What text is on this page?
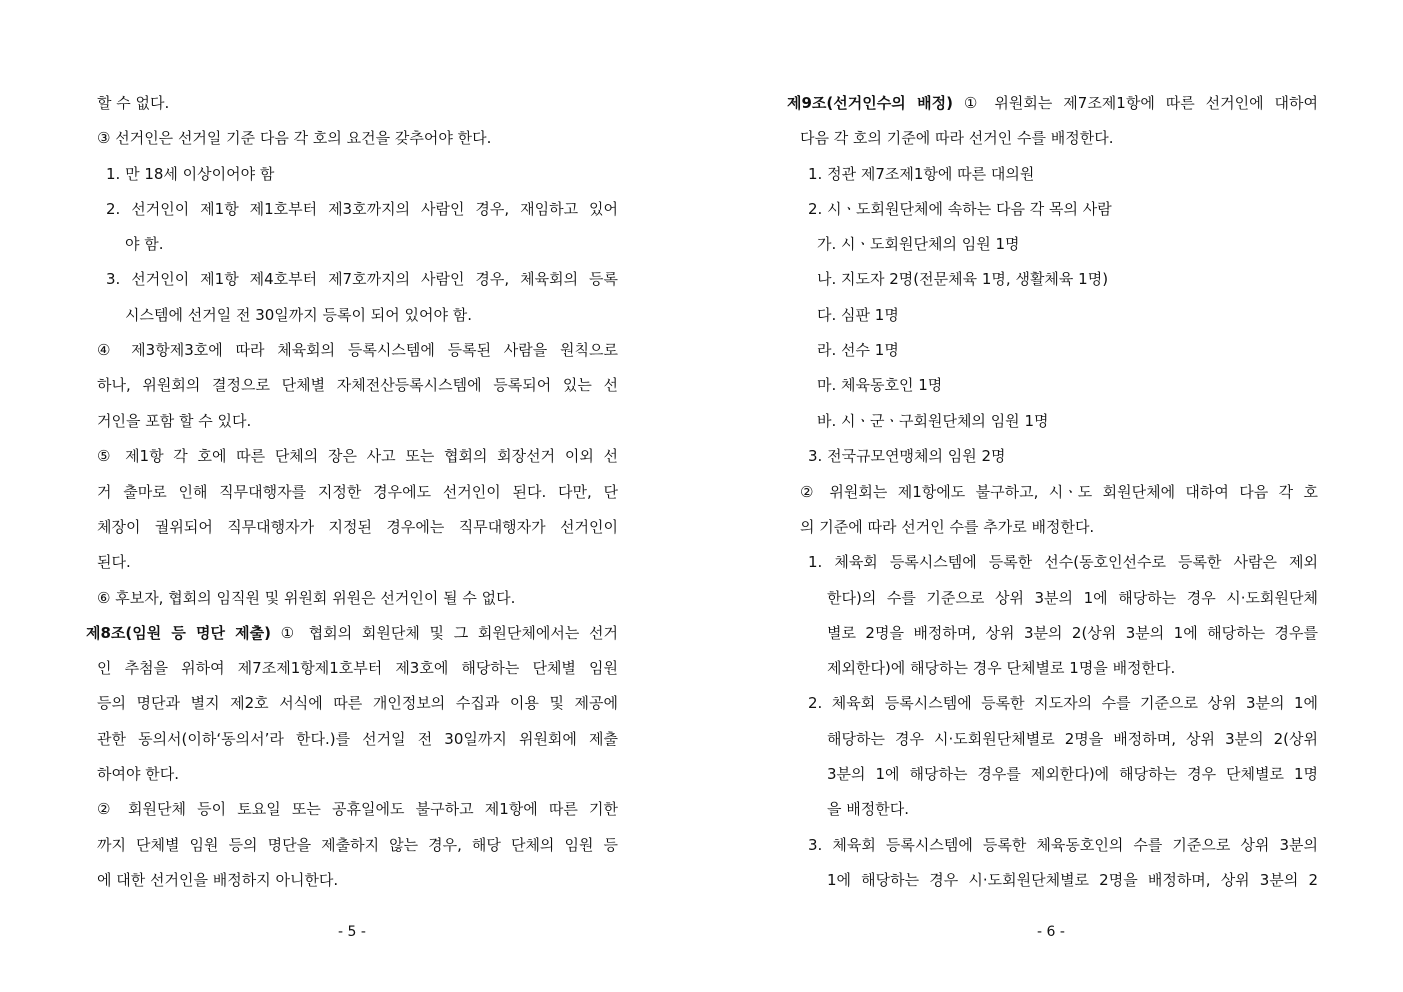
할 수 없다.

③ 선거인은 선거일 기준 다음 각 호의 요건을 갖추어야 한다.

1. 만 18세 이상이어야 함

2. 선거인이 제1항 제1호부터 제3호까지의 사람인 경우, 재임하고 있어

야 함.

3. 선거인이 제1항 제4호부터 제7호까지의 사람인 경우, 체육회의 등록

시스템에 선거일 전 30일까지 등록이 되어 있어야 함.

④ 제3항제3호에 따라 체육회의 등록시스템에 등록된 사람을 원칙으로

하나, 위원회의 결정으로 단체별 자체전산등록시스템에 등록되어 있는 선

거인을 포함 할 수 있다.

⑤ 제1항 각 호에 따른 단체의 장은 사고 또는 협회의 회장선거 이외 선

거 출마로 인해 직무대행자를 지정한 경우에도 선거인이 된다. 다만, 단

체장이 궐위되어 직무대행자가 지정된 경우에는 직무대행자가 선거인이

된다.

⑥ 후보자, 협회의 임직원 및 위원회 위원은 선거인이 될 수 없다.

제8조(임원 등 명단 제출) ① 협회의 회원단체 및 그 회원단체에서는 선거

인 추첨을 위하여 제7조제1항제1호부터 제3호에 해당하는 단체별 임원

등의 명단과 별지 제2호 서식에 따른 개인정보의 수집과 이용 및 제공에

관한 동의서(이하‘동의서’라 한다.)를 선거일 전 30일까지 위원회에 제출

하여야 한다.

② 회원단체 등이 토요일 또는 공휴일에도 불구하고 제1항에 따른 기한

까지 단체별 임원 등의 명단을 제출하지 않는 경우, 해당 단체의 임원 등

에 대한 선거인을 배정하지 아니한다.

- 5 -
제9조(선거인수의 배정) ① 위원회는 제7조제1항에 따른 선거인에 대하여

다음 각 호의 기준에 따라 선거인 수를 배정한다.

1. 정관 제7조제1항에 따른 대의원

2. 시ㆍ도회원단체에 속하는 다음 각 목의 사람

가. 시ㆍ도회원단체의 임원 1명

나. 지도자 2명(전문체육 1명, 생활체육 1명)

다. 심판 1명

라. 선수 1명

마. 체육동호인 1명

바. 시ㆍ군ㆍ구회원단체의 임원 1명

3. 전국규모연맹체의 임원 2명

② 위원회는 제1항에도 불구하고, 시ㆍ도 회원단체에 대하여 다음 각 호

의 기준에 따라 선거인 수를 추가로 배정한다.

1. 체육회 등록시스템에 등록한 선수(동호인선수로 등록한 사람은 제외

한다)의 수를 기준으로 상위 3분의 1에 해당하는 경우 시·도회원단체

별로 2명을 배정하며, 상위 3분의 2(상위 3분의 1에 해당하는 경우를

제외한다)에 해당하는 경우 단체별로 1명을 배정한다.

2. 체육회 등록시스템에 등록한 지도자의 수를 기준으로 상위 3분의 1에

해당하는 경우 시·도회원단체별로 2명을 배정하며, 상위 3분의 2(상위

3분의 1에 해당하는 경우를 제외한다)에 해당하는 경우 단체별로 1명

을 배정한다.

3. 체육회 등록시스템에 등록한 체육동호인의 수를 기준으로 상위 3분의

1에 해당하는 경우 시·도회원단체별로 2명을 배정하며, 상위 3분의 2

- 6 -
